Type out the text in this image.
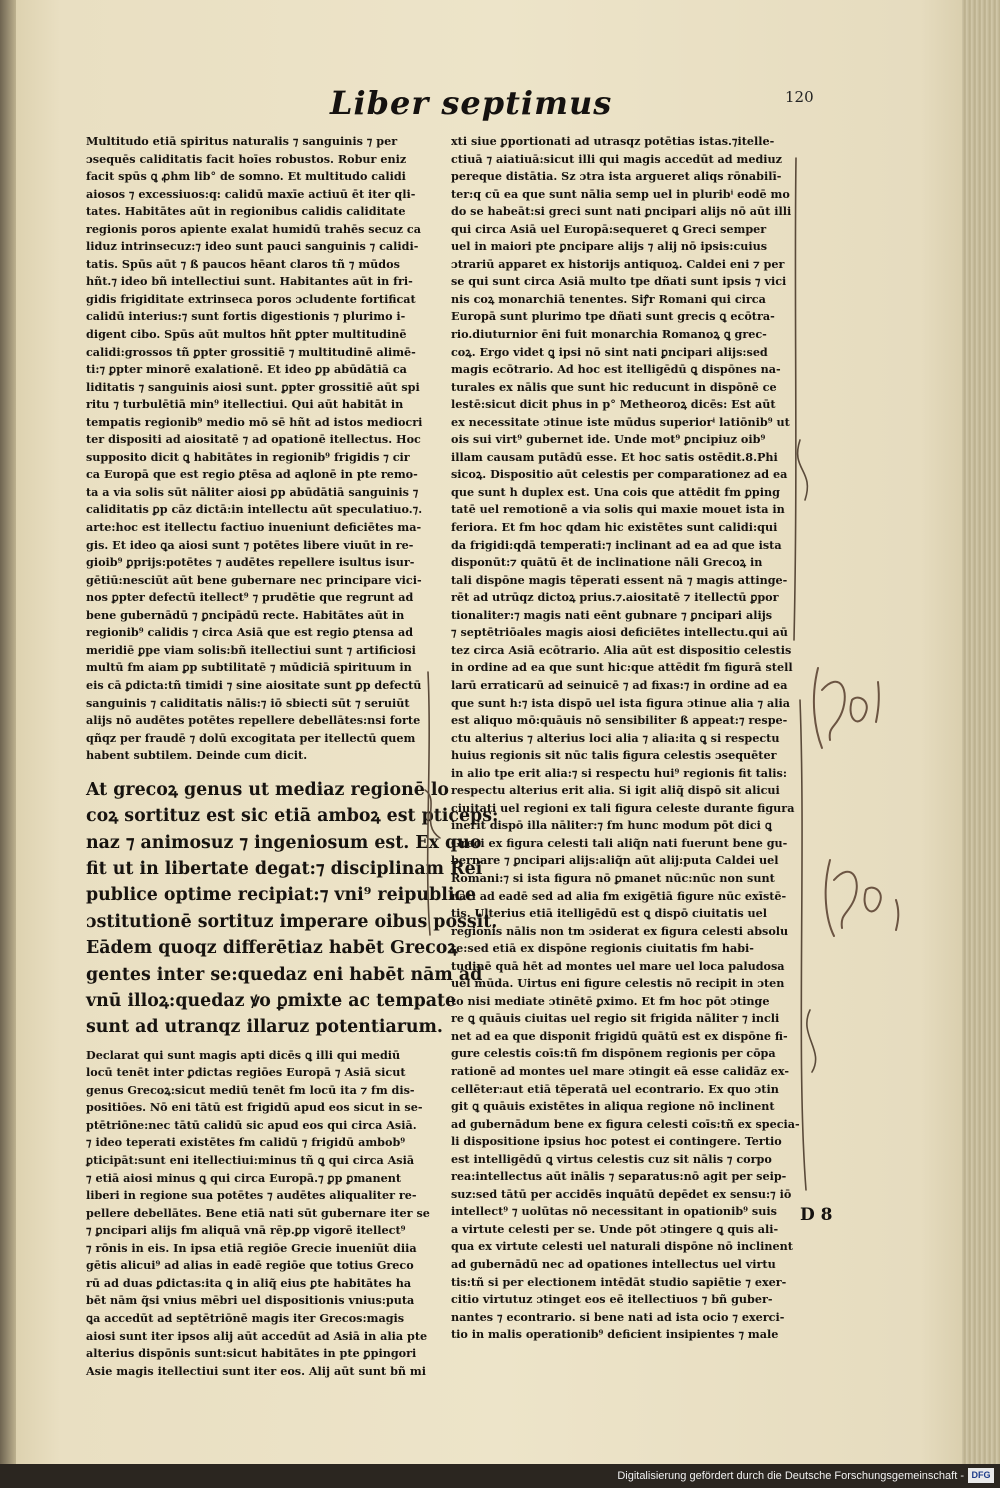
Liber septimus	120

Multitudo etiā spiritus naturalis ⁊ sanguinis ⁊ per

ɔsequēs caliditatis facit hoīes robustos. Robur eniz

facit spūs ꝗ ꝓhm lib° de somno. Et multitudo calidi

aiosos ⁊ excessiuos:q: calidū maxīe actiuū ēt iter qli-

tates. Habitātes aūt in regionibus calidis caliditate

regionis poros apiente exalat humidū trahēs secuz ca

liduz intrinsecuz:⁊ ideo sunt pauci sanguinis ⁊ calidi-

tatis. Spūs aūt ⁊ ß paucos hēant claros tñ ⁊ mūdos

hñt.⁊ ideo bñ intellectiui sunt. Habitantes aūt in fri-

gidis frigiditate extrinseca poros ɔcludente fortificat

calidū interius:⁊ sunt fortis digestionis ⁊ plurimo i-

digent cibo. Spūs aūt multos hñt ꝑpter multitudinē

calidi:grossos tñ ꝑpter grossitiē ⁊ multitudinē alimē-

ti:⁊ ꝑpter minorē exalationē. Et ideo ꝑp abūdātiā ca

liditatis ⁊ sanguinis aiosi sunt. ꝑpter grossitiē aūt spi

ritu ⁊ turbulētiā min⁹ itellectiui. Qui aūt habitāt in

tempatis regionib⁹ medio mō sē hñt ad istos mediocri

ter dispositi ad aiositatē ⁊ ad opationē itellectus. Hoc

supposito dicit ꝗ habitātes in regionib⁹ frigidis ⁊ cir

ca Europā que est regio ꝑtēsa ad aqlonē in pte remo-

ta a via solis sūt nāliter aiosi ꝑp abūdātiā sanguinis ⁊

caliditatis ꝑp cāz dictā:in intellectu aūt speculatiuo.⁊.

arte:hoc est itellectu factiuo inueniunt deficiētes ma-

gis. Et ideo ꝗa aiosi sunt ⁊ potētes libere viuūt in re-

gioib⁹ ꝑprijs:potētes ⁊ audētes repellere isultus isur-

gētiū:nesciūt aūt bene gubernare nec principare vici-

nos ꝑpter defectū itellect⁹ ⁊ prudētie que regrunt ad

bene gubernādū ⁊ ꝑncipādū recte. Habitātes aūt in

regionib⁹ calidis ⁊ circa Asiā que est regio ꝑtensa ad

meridiē ꝑpe viam solis:bñ itellectiui sunt ⁊ artificiosi

multū fm aiam ꝑp subtilitatē ⁊ mūdiciā spirituum in

eis cā ꝑdicta:tñ timidi ⁊ sine aiositate sunt ꝑp defectū

sanguinis ⁊ caliditatis nālis:⁊ iō sbiecti sūt ⁊ seruiūt

alijs nō audētes potētes repellere debellātes:nsi forte

qñqz per fraudē ⁊ dolū excogitata per itellectū quem

habent subtilem. Deinde cum dicit.

At grecoꝝ genus ut mediaz regionē lo

coꝝ sortituz est sic etiā amboꝝ est pticeps:

naz ⁊ animosuz ⁊ ingeniosum est. Ex quo

fit ut in libertate degat:⁊ disciplinam Rei

publice optime recipiat:⁊ vni⁹ reipublice

ɔstitutionē sortituz imperare oibus possit.

Eādem quoqz differētiaz habēt Grecoꝝ

gentes inter se:quedaz eni habēt nām ad

vnū illoꝝ:quedaz ꝟo ꝑmixte ac tempate

sunt ad utranqz illaruz potentiarum.

Declarat qui sunt magis apti dicēs ꝗ illi qui mediū

locū tenēt inter ꝑdictas regiōes Europā ⁊ Asiā sicut

genus Grecoꝝ:sicut mediū tenēt fm locū ita ⁊ fm dis-

positiōes. Nō eni tātū est frigidū apud eos sicut in se-

ptētriōne:nec tātū calidū sic apud eos qui circa Asiā.

⁊ ideo teperati existētes fm calidū ⁊ frigidū ambob⁹

ꝑticipāt:sunt eni itellectiui:minus tñ ꝗ qui circa Asiā

⁊ etiā aiosi minus ꝗ qui circa Europā.⁊ ꝑp ꝑmanent

liberi in regione sua potētes ⁊ audētes aliqualiter re-

pellere debellātes. Bene etiā nati sūt gubernare iter se

⁊ ꝑncipari alijs fm aliquā vnā rēp.ꝑp vigorē itellect⁹

⁊ rōnis in eis. In ipsa etiā regiōe Grecie inueniūt diia

gētis alicui⁹ ad alias in eadē regiōe que totius Greco

rū ad duas ꝑdictas:ita ꝗ in aliq̃ eius ꝑte habitātes ha

bēt nām q̃si vnius mēbri uel dispositionis vnius:puta

ꝗa accedūt ad septētriōnē magis iter Grecos:magis

aiosi sunt iter ipsos alij aūt accedūt ad Asiā in alia pte

alterius dispōnis sunt:sicut habitātes in pte ꝑpingori

Asie magis itellectiui sunt iter eos. Alij aūt sunt bñ mi

xti siue ꝑportionati ad utrasqz potētias istas.⁊itelle-

ctiuā ⁊ aiatiuā:sicut illi qui magis accedūt ad mediuz

pereque distātia. Sz ɔtra ista argueret aliqs rōnabilī-

ter:q cū ea que sunt nālia semp uel in pluribⁱ eodē mo

do se habeāt:si greci sunt nati ꝑncipari alijs nō aūt illi

qui circa Asiā uel Europā:sequeret ꝗ Greci semper

uel in maiori pte ꝑncipare alijs ⁊ alij nō ipsis:cuius

ɔtrariū apparet ex historijs antiquoꝝ. Caldei eni ⁊ per

se qui sunt circa Asiā multo tpe dñati sunt ipsis ⁊ vici

nis coꝝ monarchiā tenentes. Siꝭr Romani qui circa

Europā sunt plurimo tpe dñati sunt grecis ꝗ ecōtra-

rio.diuturnior ēni fuit monarchia Romanoꝝ ꝗ grec-

coꝝ. Ergo videt ꝗ ipsi nō sint nati ꝑncipari alijs:sed

magis ecōtrario. Ad hoc est itelligēdū ꝗ dispōnes na-

turales ex nālis que sunt hic reducunt in dispōnē ce

lestē:sicut dicit phus in p° Metheoroꝝ dicēs: Est aūt

ex necessitate ɔtinue iste mūdus superiorⁱ latiōnib⁹ ut

ois sui virt⁹ gubernet ide. Unde mot⁹ ꝑncipiuz oib⁹

illam causam putādū esse. Et hoc satis ostēdit.8.Phi

sicoꝝ. Dispositio aūt celestis per comparationez ad ea

que sunt h duplex est. Una cois que attēdit fm ꝑping

tatē uel remotionē a via solis qui maxie mouet ista in

feriora. Et fm hoc qdam hic existētes sunt calidi:qui

da frigidi:qdā temperati:⁊ inclinant ad ea ad que ista

disponūt:⁊ quātū ēt de inclinatione nāli Grecoꝝ in

tali dispōne magis tēperati essent nā ⁊ magis attinge-

rēt ad utrūqz dictoꝝ prius.⁊.aiositatē ⁊ itellectū ꝑpor

tionaliter:⁊ magis nati eēnt gubnare ⁊ ꝑncipari alijs

⁊ septētriōales magis aiosi deficiētes intellectu.qui aū

tez circa Asiā ecōtrario. Alia aūt est dispositio celestis

in ordine ad ea que sunt hic:que attēdit fm figurā stell

larū erraticarū ad seinuicē ⁊ ad fixas:⁊ in ordine ad ea

que sunt h:⁊ ista dispō uel ista figura ɔtinue alia ⁊ alia

est aliquo mō:quāuis nō sensibiliter ß appeat:⁊ respe-

ctu alterius ⁊ alterius loci alia ⁊ alia:ita ꝗ si respectu

huius regionis sit nūc talis figura celestis ɔsequēter

in alio tpe erit alia:⁊ si respectu hui⁹ regionis fit talis:

respectu alterius erit alia. Si igit aliq̃ dispō sit alicui

ciuitati uel regioni ex tali figura celeste durante figura

inerit dispō illa nāliter:⁊ fm hunc modum pōt dici ꝗ

Greci ex figura celesti tali aliq̃n nati fuerunt bene gu-

bernare ⁊ ꝑncipari alijs:aliq̃n aūt alij:puta Caldei uel

Romani:⁊ si ista figura nō ꝑmanet nūc:nūc non sunt

nati ad eadē sed ad alia fm exigētiā figure nūc exīstē-

tis. Ulterius etiā itelligēdū est ꝗ dispō ciuitatis uel

regionis nālis non tm ɔsiderat ex figura celesti absolu

te:sed etiā ex dispōne regionis ciuitatis fm habi-

tudinē quā hēt ad montes uel mare uel loca paludosa

uel mūda. Uirtus eni figure celestis nō recipit in ɔten

to nisi mediate ɔtinētē ꝑximo. Et fm hoc pōt ɔtinge

re ꝗ quāuis ciuitas uel regio sit frigida nāliter ⁊ incli

net ad ea que disponit frigidū quātū est ex dispōne fi-

gure celestis coīs:tñ fm dispōnem regionis per cōpa

rationē ad montes uel mare ɔtingit eā esse calidāz ex-

cellēter:aut etiā tēperatā uel econtrario. Ex quo ɔtin

git ꝗ quāuis existētes in aliqua regione nō inclinent

ad gubernādum bene ex figura celesti coīs:tñ ex specia-

li dispositione ipsius hoc potest ei contingere. Tertio

est intelligēdū ꝗ virtus celestis cuz sit nālis ⁊ corpo

rea:intellectus aūt inālis ⁊ separatus:nō agit per seip-

suz:sed tātū per accidēs inquātū depēdet ex sensu:⁊ iō

intellect⁹ ⁊ uolūtas nō necessitant in opationib⁹ suis

a virtute celesti per se. Unde pōt ɔtingere ꝗ quis ali-

qua ex virtute celesti uel naturali dispōne nō inclinent

ad gubernādū nec ad opationes intellectus uel virtu

tis:tñ si per electionem intēdāt studio sapiētie ⁊ exer-

citio virtutuz ɔtinget eos eē itellectiuos ⁊ bñ guber-

nantes ⁊ econtrario. si bene nati ad ista ocio ⁊ exerci-

tio in malis operationib⁹ deficient insipientes ⁊ male

D 8
Digitalisierung gefördert durch die Deutsche Forschungsgemeinschaft - DFG
